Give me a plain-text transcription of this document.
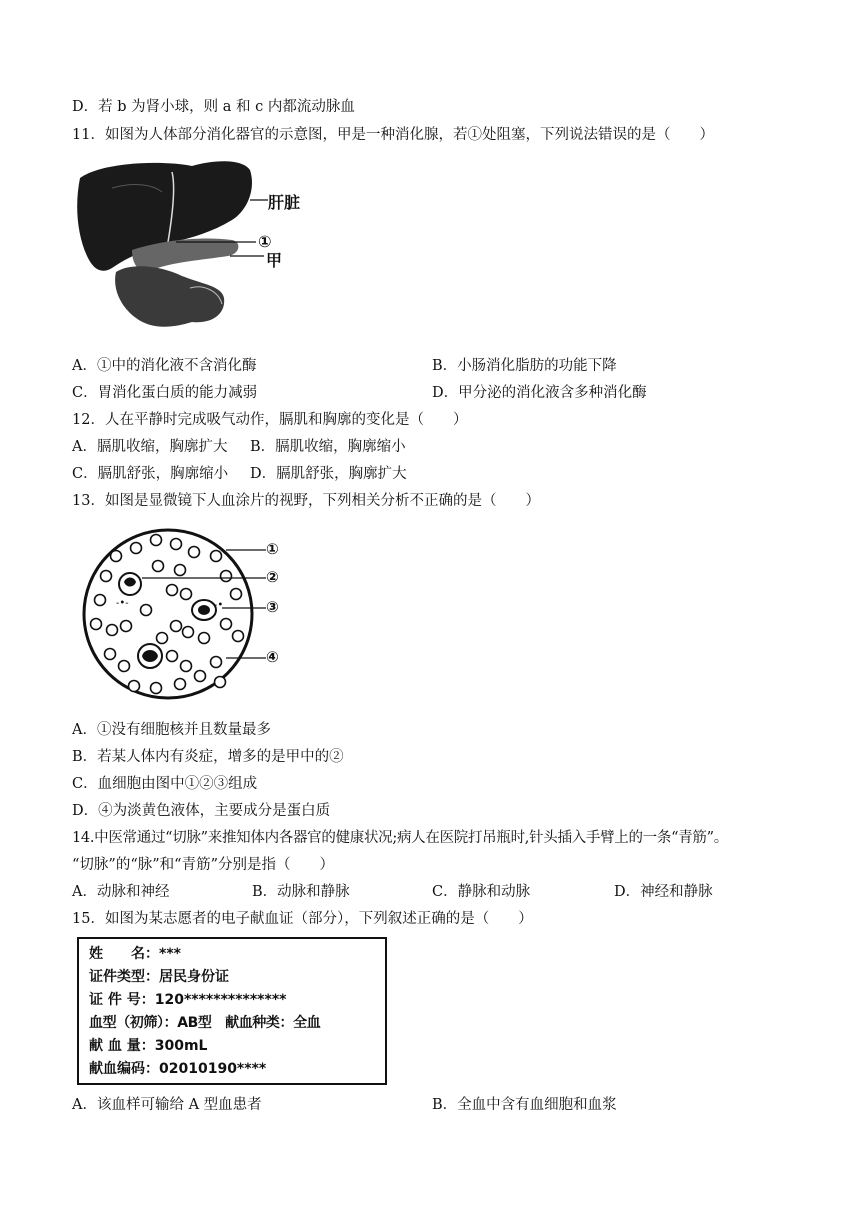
D．若 b 为肾小球，则 a 和 c 内都流动脉血
11．如图为人体部分消化器官的示意图，甲是一种消化腺，若①处阻塞，下列说法错误的是（　　）
肝脏
①
甲
A．①中的消化液不含消化酶	B．小肠消化脂肪的功能下降
C．胃消化蛋白质的能力减弱	D．甲分泌的消化液含多种消化酶
12．人在平静时完成吸气动作，膈肌和胸廓的变化是（　　）
A．膈肌收缩，胸廓扩大 B．膈肌收缩，胸廓缩小
C．膈肌舒张，胸廓缩小 D．膈肌舒张，胸廓扩大
13．如图是显微镜下人血涂片的视野，下列相关分析不正确的是（　　）
-•-	-•
①
②
③
④
A．①没有细胞核并且数量最多
B．若某人体内有炎症，增多的是甲中的②
C．血细胞由图中①②③组成
D．④为淡黄色液体，主要成分是蛋白质
14.中医常通过“切脉”来推知体内各器官的健康状况;病人在医院打吊瓶时,针头插入手臂上的一条“青筋”。
“切脉”的“脉”和“青筋”分别是指（　　）
A．动脉和神经	B．动脉和静脉	C．静脉和动脉	D．神经和静脉
15．如图为某志愿者的电子献血证（部分），下列叙述正确的是（　　）
姓　　名：***
证件类型：居民身份证
证 件 号：120**************
血型（初筛）：AB型　献血种类：全血
献 血 量：300mL
献血编码：02010190****
A．该血样可输给 A 型血患者	B．全血中含有血细胞和血浆
